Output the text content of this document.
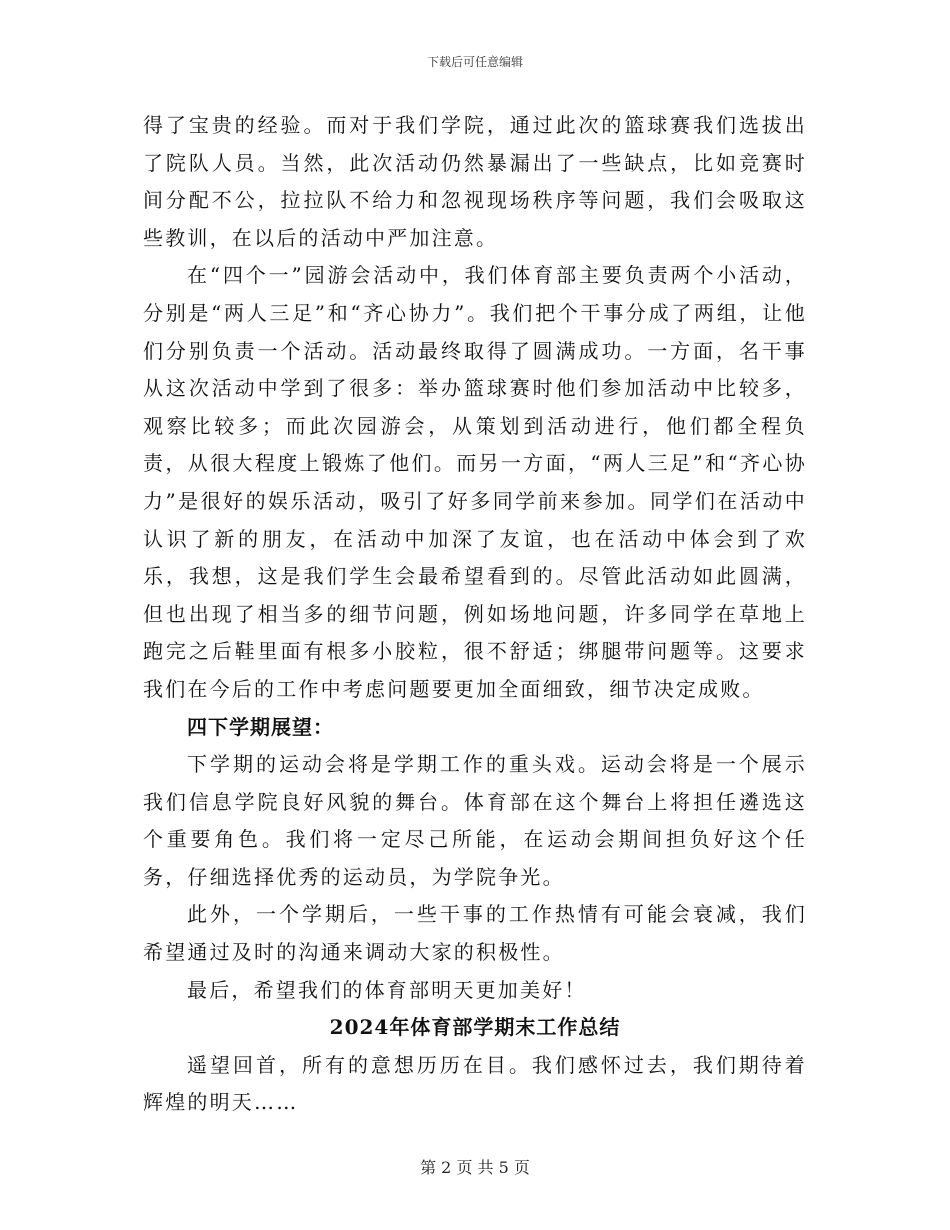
下载后可任意编辑

得了宝贵的经验。而对于我们学院，通过此次的篮球赛我们选拔出了院队人员。当然，此次活动仍然暴漏出了一些缺点，比如竞赛时间分配不公，拉拉队不给力和忽视现场秩序等问题，我们会吸取这些教训，在以后的活动中严加注意。

在“四个一”园游会活动中，我们体育部主要负责两个小活动，分别是“两人三足”和“齐心协力”。我们把个干事分成了两组，让他们分别负责一个活动。活动最终取得了圆满成功。一方面，名干事从这次活动中学到了很多：举办篮球赛时他们参加活动中比较多，观察比较多；而此次园游会，从策划到活动进行，他们都全程负责，从很大程度上锻炼了他们。而另一方面，“两人三足”和“齐心协力”是很好的娱乐活动，吸引了好多同学前来参加。同学们在活动中认识了新的朋友，在活动中加深了友谊，也在活动中体会到了欢乐，我想，这是我们学生会最希望看到的。尽管此活动如此圆满，但也出现了相当多的细节问题，例如场地问题，许多同学在草地上跑完之后鞋里面有根多小胶粒，很不舒适；绑腿带问题等。这要求我们在今后的工作中考虑问题要更加全面细致，细节决定成败。

四下学期展望：

下学期的运动会将是学期工作的重头戏。运动会将是一个展示我们信息学院良好风貌的舞台。体育部在这个舞台上将担任遴选这个重要角色。我们将一定尽己所能，在运动会期间担负好这个任务，仔细选择优秀的运动员，为学院争光。

此外，一个学期后，一些干事的工作热情有可能会衰减，我们希望通过及时的沟通来调动大家的积极性。

最后，希望我们的体育部明天更加美好！

2024年体育部学期末工作总结

遥望回首，所有的意想历历在目。我们感怀过去，我们期待着辉煌的明天……

第 2 页 共 5 页
